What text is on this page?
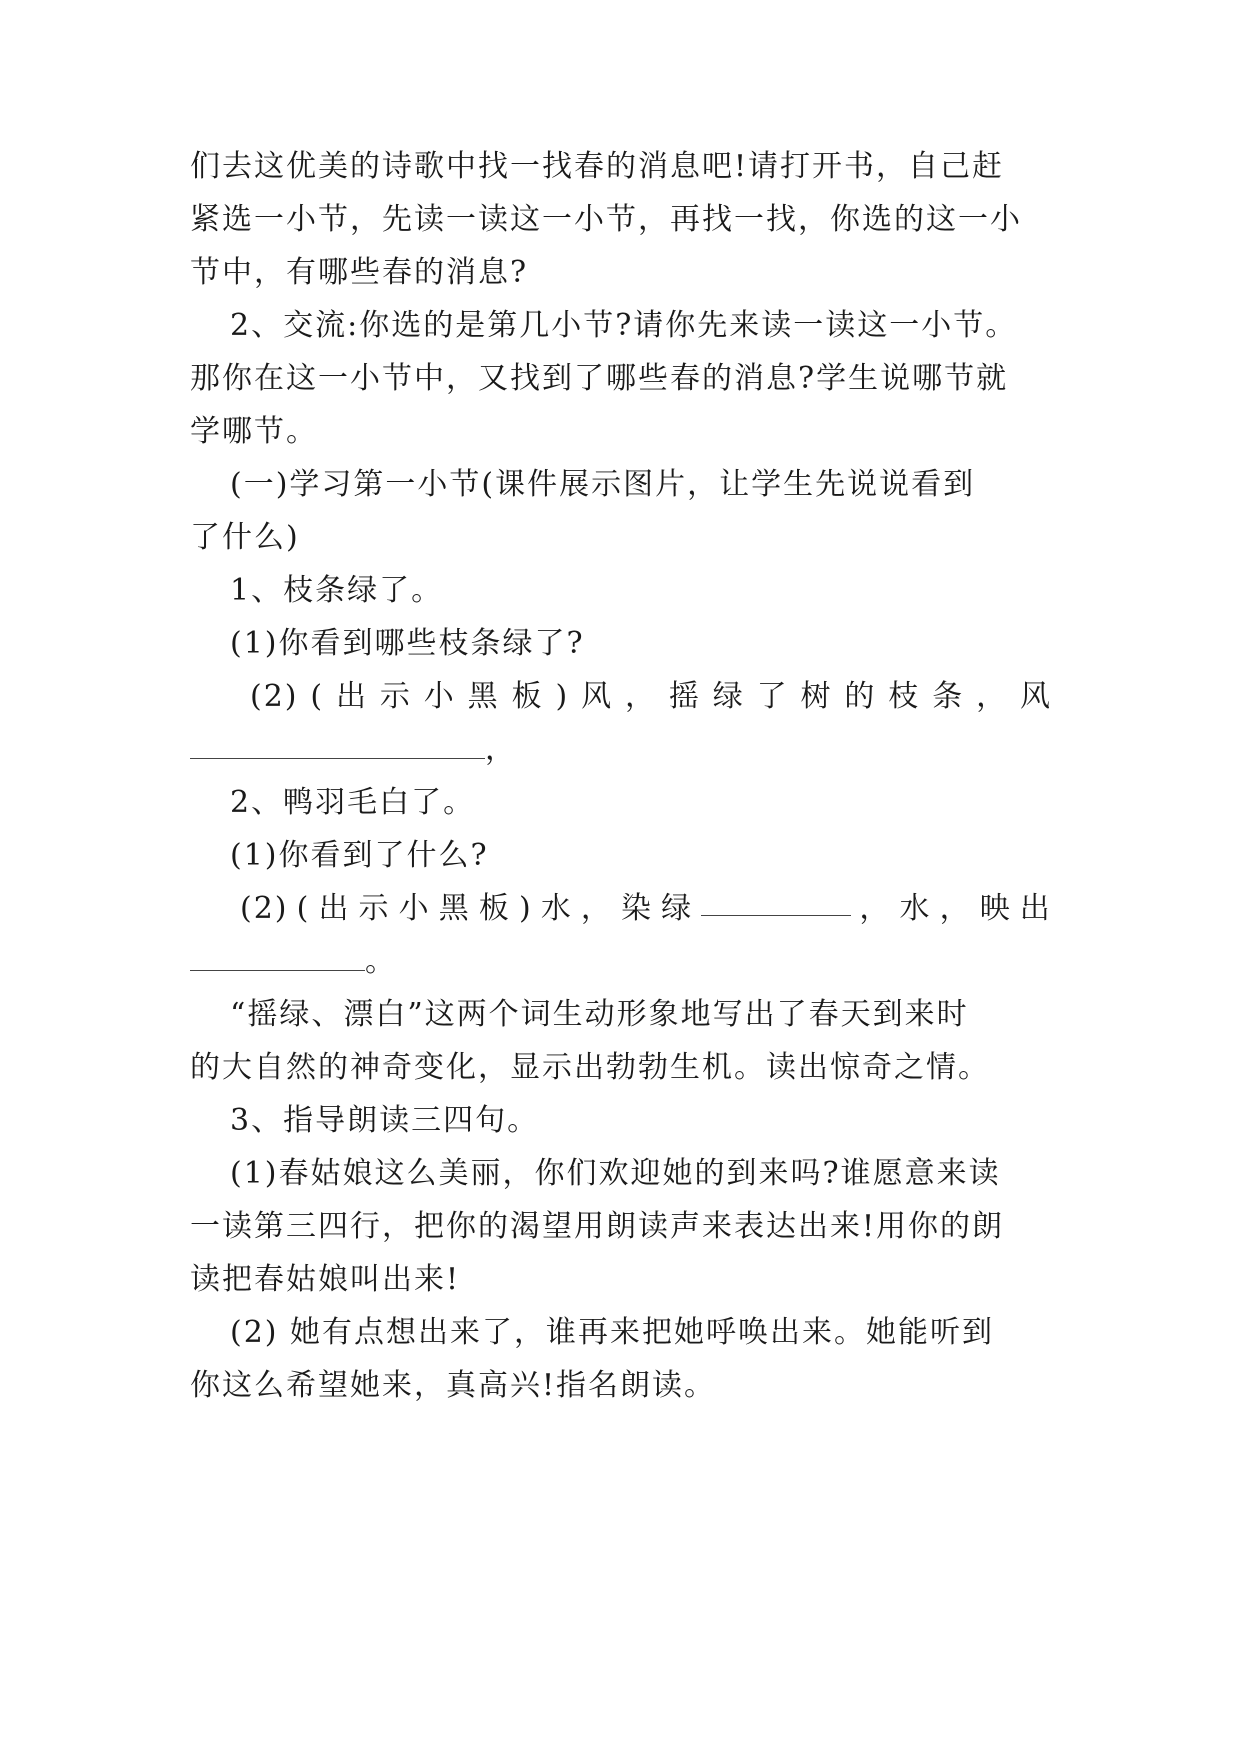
们去这优美的诗歌中找一找春的消息吧!请打开书，自己赶
紧选一小节，先读一读这一小节，再找一找，你选的这一小
节中，有哪些春的消息?
2、交流:你选的是第几小节?请你先来读一读这一小节。
那你在这一小节中，又找到了哪些春的消息?学生说哪节就
学哪节。
(一)学习第一小节(课件展示图片，让学生先说说看到
了什么)
1、枝条绿了。
(1)你看到哪些枝条绿了?
(2) ( 出 示 小 黑 板 ) 风 ， 摇 绿 了 树 的 枝 条 ， 风
，
2、鸭羽毛白了。
(1)你看到了什么?
(2) ( 出 示 小 黑 板 ) 水 ， 染 绿	， 水 ， 映 出
。
“摇绿、漂白”这两个词生动形象地写出了春天到来时
的大自然的神奇变化，显示出勃勃生机。读出惊奇之情。
3、指导朗读三四句。
(1)春姑娘这么美丽，你们欢迎她的到来吗?谁愿意来读
一读第三四行，把你的渴望用朗读声来表达出来!用你的朗
读把春姑娘叫出来!
(2) 她有点想出来了，谁再来把她呼唤出来。她能听到
你这么希望她来，真高兴!指名朗读。
